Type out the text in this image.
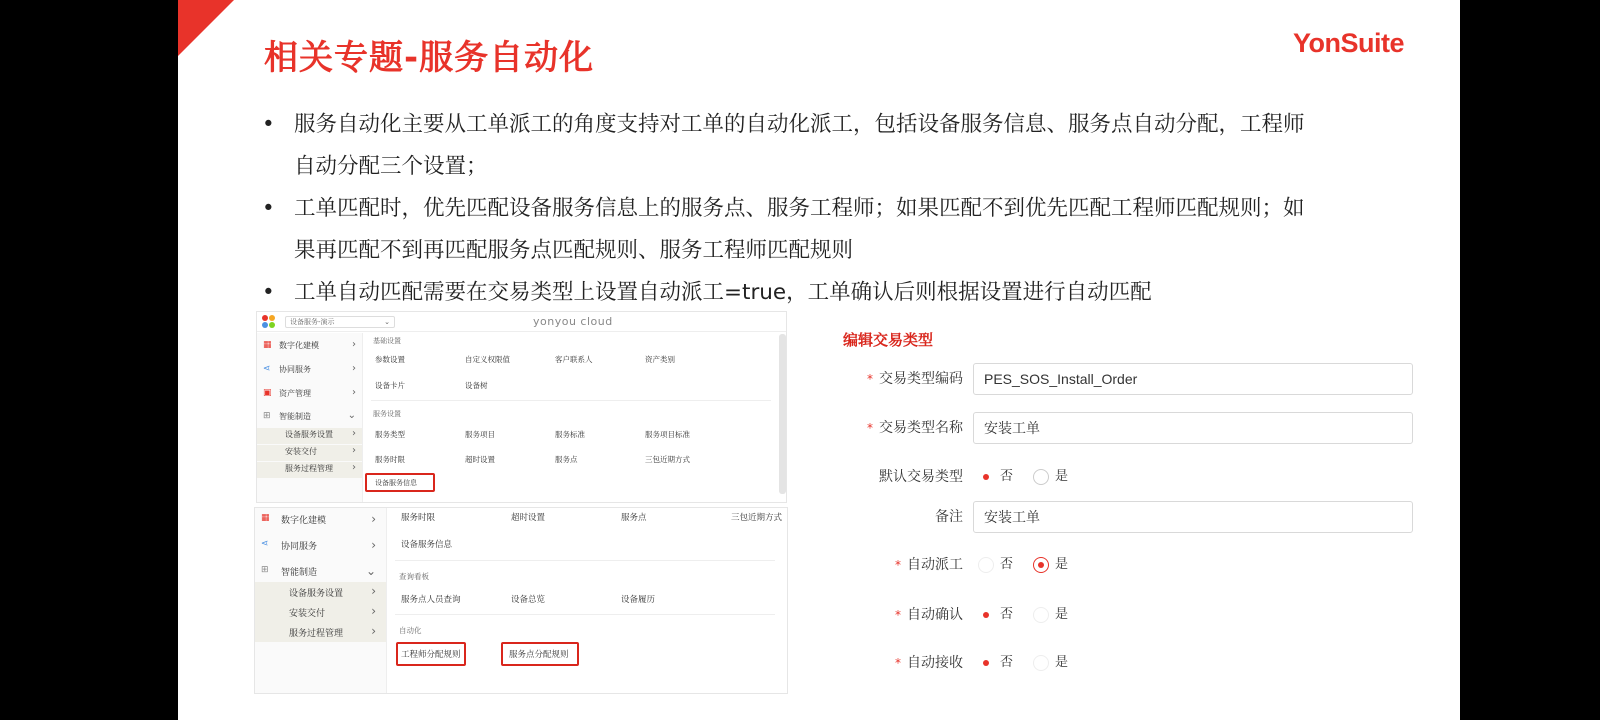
相关专题-服务自动化	YonSuite
• 服务自动化主要从工单派工的角度支持对工单的自动化派工，包括设备服务信息、服务点自动分配，工程师自动分配三个设置；
• 工单匹配时，优先匹配设备服务信息上的服务点、服务工程师；如果匹配不到优先匹配工程师匹配规则；如果再匹配不到再匹配服务点匹配规则、服务工程师匹配规则
• 工单自动匹配需要在交易类型上设置自动派工=true，工单确认后则根据设置进行自动匹配
设备服务-演示	⌄	yonyou cloud
▦ 数字化建模	›
⋖ 协同服务	›
▣ 资产管理	›
⊞ 智能制造	⌄
设备服务设置 ›
安装交付	›
服务过程管理 ›
基础设置
参数设置	自定义权限值	客户联系人	资产类别
设备卡片	设备树
服务设置
服务类型	服务项目	服务标准	服务项目标准
服务时限	超时设置	服务点	三包近期方式
设备服务信息
▦ 数字化建模	›
⋖ 协同服务	›
⊞ 智能制造	⌄
设备服务设置 ›
安装交付	›
服务过程管理 ›
服务时限	超时设置	服务点	三包近期方式
设备服务信息
查询看板
服务点人员查询	设备总览	设备履历
自动化
工程师分配规则	服务点分配规则
编辑交易类型
* 交易类型编码	PES_SOS_Install_Order
* 交易类型名称	安装工单
默认交易类型	否	是
备注	安装工单
* 自动派工	否	是
* 自动确认	否	是
* 自动接收	否	是
